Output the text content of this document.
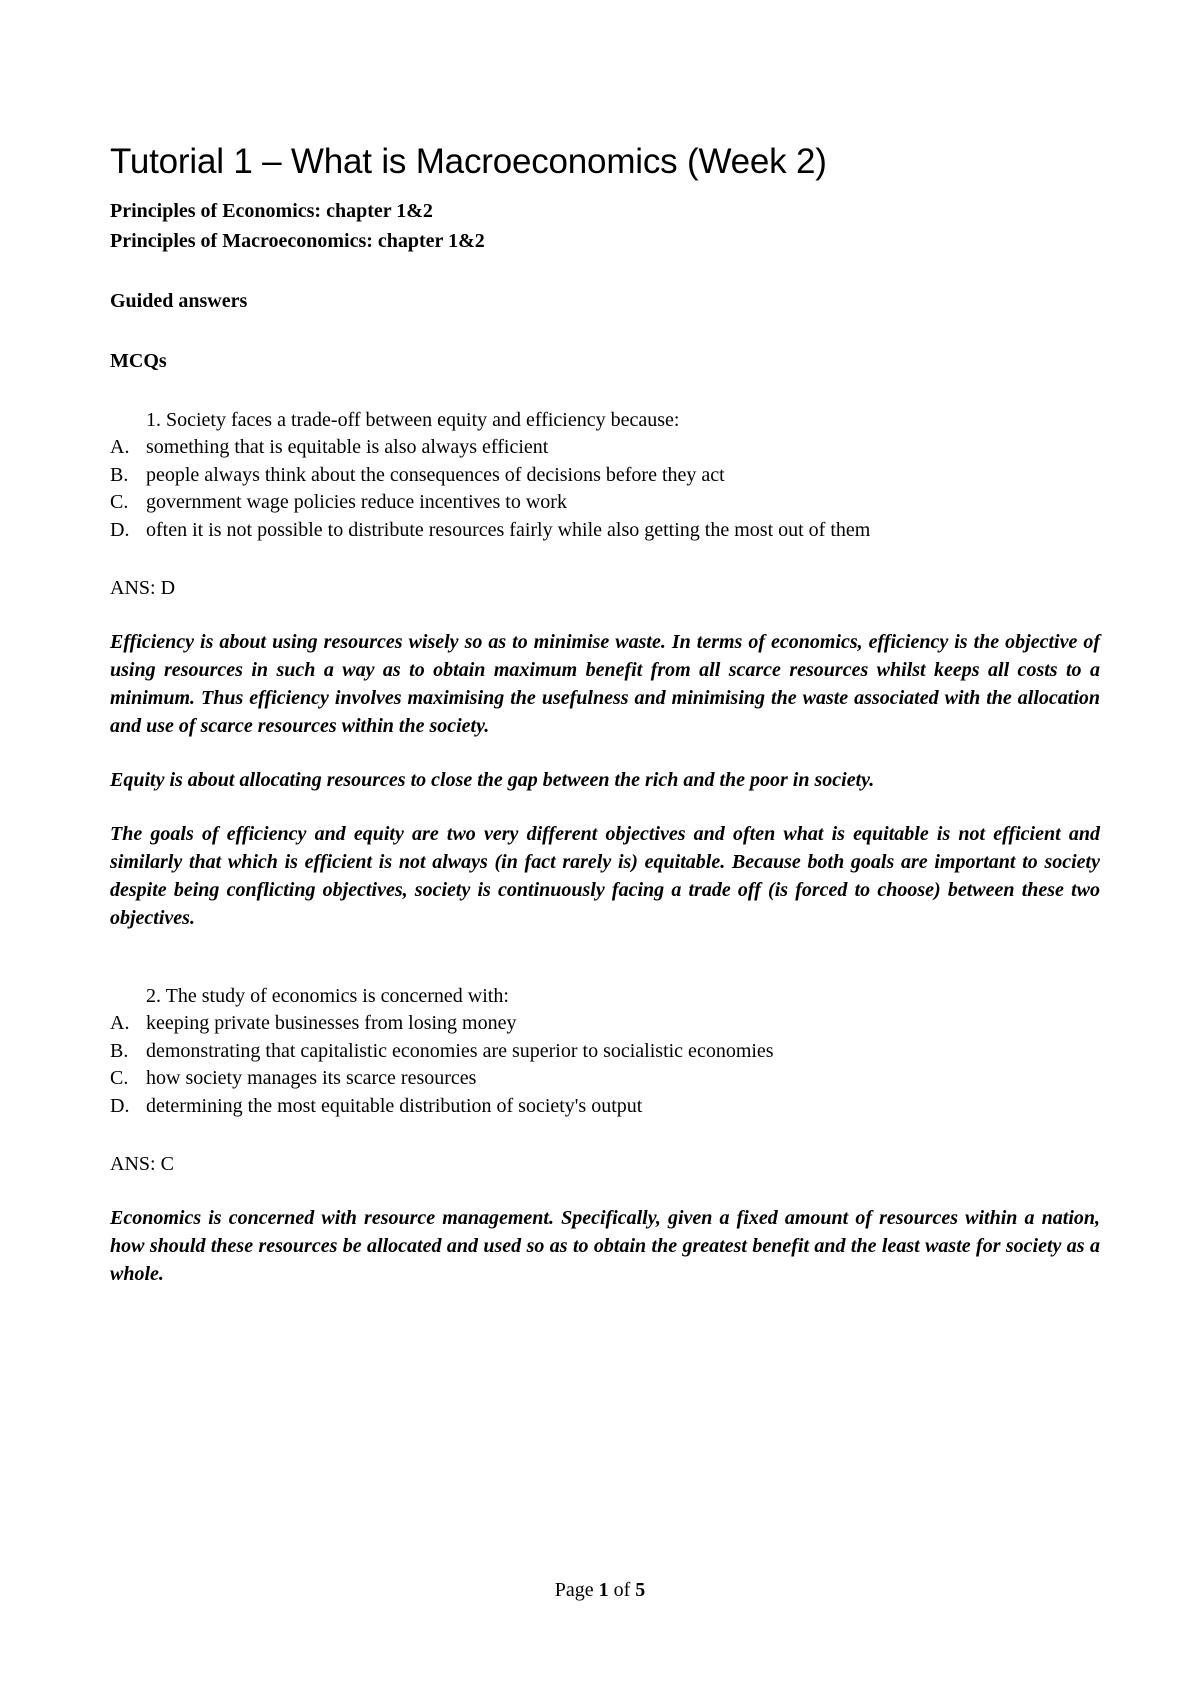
Tutorial 1 – What is Macroeconomics (Week 2)

Principles of Economics: chapter 1&2

Principles of Macroeconomics: chapter 1&2

Guided answers
MCQs
1. Society faces a trade-off between equity and efficiency because:
A. something that is equitable is also always efficient
B. people always think about the consequences of decisions before they act
C. government wage policies reduce incentives to work
D. often it is not possible to distribute resources fairly while also getting the most out of them
ANS: D

Efficiency is about using resources wisely so as to minimise waste. In terms of economics, efficiency is the objective of using resources in such a way as to obtain maximum benefit from all scarce resources whilst keeps all costs to a minimum. Thus efficiency involves maximising the usefulness and minimising the waste associated with the allocation and use of scarce resources within the society.

Equity is about allocating resources to close the gap between the rich and the poor in society.

The goals of efficiency and equity are two very different objectives and often what is equitable is not efficient and similarly that which is efficient is not always (in fact rarely is) equitable. Because both goals are important to society despite being conflicting objectives, society is continuously facing a trade off (is forced to choose) between these two objectives.

2. The study of economics is concerned with:
A. keeping private businesses from losing money
B. demonstrating that capitalistic economies are superior to socialistic economies
C. how society manages its scarce resources
D. determining the most equitable distribution of society's output
ANS: C

Economics is concerned with resource management. Specifically, given a fixed amount of resources within a nation, how should these resources be allocated and used so as to obtain the greatest benefit and the least waste for society as a whole.

Page 1 of 5
